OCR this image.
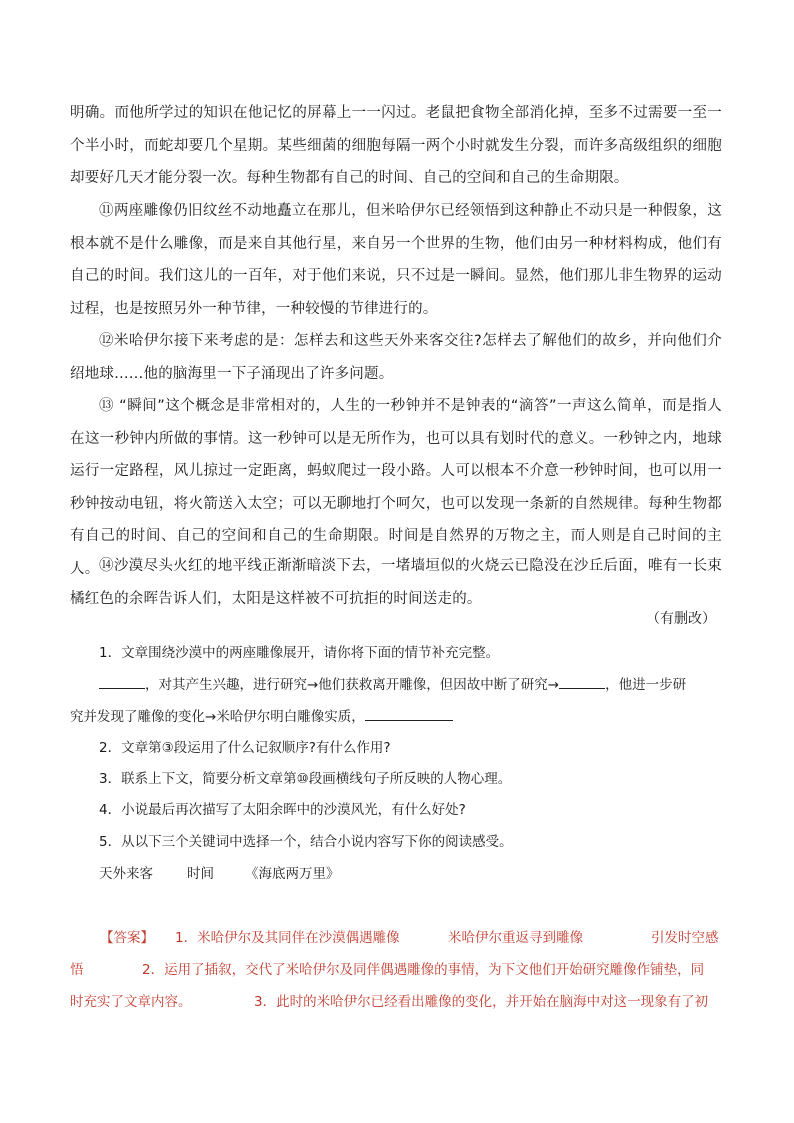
明确。而他所学过的知识在他记忆的屏幕上一一闪过。老鼠把食物全部消化掉，至多不过需要一至一个半小时，而蛇却要几个星期。某些细菌的细胞每隔一两个小时就发生分裂，而许多高级组织的细胞却要好几天才能分裂一次。每种生物都有自己的时间、自己的空间和自己的生命期限。

⑪两座雕像仍旧纹丝不动地矗立在那儿，但米哈伊尔已经领悟到这种静止不动只是一种假象，这根本就不是什么雕像，而是来自其他行星，来自另一个世界的生物，他们由另一种材料构成，他们有自己的时间。我们这儿的一百年，对于他们来说，只不过是一瞬间。显然，他们那儿非生物界的运动过程，也是按照另外一种节律，一种较慢的节律进行的。

⑫米哈伊尔接下来考虑的是：怎样去和这些天外来客交往?怎样去了解他们的故乡，并向他们介绍地球……他的脑海里一下子涌现出了许多问题。

⑬ “瞬间”这个概念是非常相对的，人生的一秒钟并不是钟表的“滴答”一声这么简单，而是指人在这一秒钟内所做的事情。这一秒钟可以是无所作为，也可以具有划时代的意义。一秒钟之内，地球运行一定路程，风儿掠过一定距离，蚂蚁爬过一段小路。人可以根本不介意一秒钟时间，也可以用一秒钟按动电钮，将火箭送入太空；可以无聊地打个呵欠，也可以发现一条新的自然规律。每种生物都有自己的时间、自己的空间和自己的生命期限。时间是自然界的万物之主，而人则是自己时间的主人。 ⑭沙漠尽头火红的地平线正渐渐暗淡下去，一堵墙垣似的火烧云已隐没在沙丘后面，唯有一长束橘红色的余晖告诉人们，太阳是这样被不可抗拒的时间送走的。

（有删改）

1．文章围绕沙漠中的两座雕像展开，请你将下面的情节补充完整。

，对其产生兴趣，进行研究→他们获救离开雕像，但因故中断了研究→	，他进一步研
究并发现了雕像的变化→米哈伊尔明白雕像实质，

2．文章第③段运用了什么记叙顺序?有什么作用?

3．联系上下文，简要分析文章第⑩段画横线句子所反映的人物心理。

4．小说最后再次描写了太阳余晖中的沙漠风光，有什么好处?

5．从以下三个关键词中选择一个，结合小说内容写下你的阅读感受。

天外来客	时间 《海底两万里》
【答案】 1．米哈伊尔及其同伴在沙漠偶遇雕像	米哈伊尔重返寻到雕像	引发时空感
悟	2．运用了插叙，交代了米哈伊尔及同伴偶遇雕像的事情，为下文他们开始研究雕像作铺垫，同
时充实了文章内容。	3．此时的米哈伊尔已经看出雕像的变化，并开始在脑海中对这一现象有了初
